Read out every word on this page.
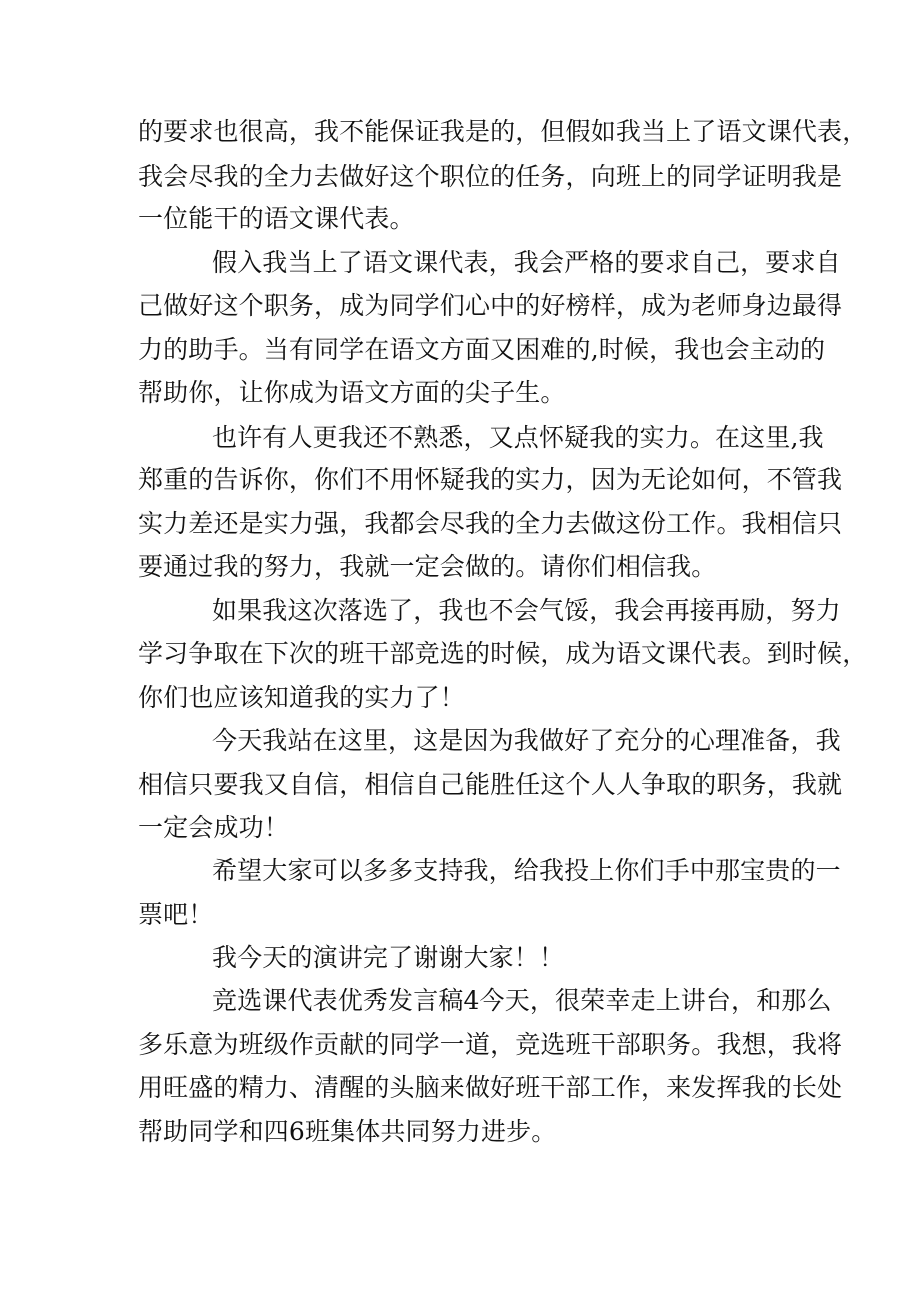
的要求也很高，我不能保证我是的，但假如我当上了语文课代表，
我会尽我的全力去做好这个职位的任务，向班上的同学证明我是
一位能干的语文课代表。
假入我当上了语文课代表，我会严格的要求自己，要求自
己做好这个职务，成为同学们心中的好榜样，成为老师身边最得
力的助手。当有同学在语文方面又困难的,时候，我也会主动的
帮助你，让你成为语文方面的尖子生。
也许有人更我还不熟悉，又点怀疑我的实力。在这里,我
郑重的告诉你，你们不用怀疑我的实力，因为无论如何，不管我
实力差还是实力强，我都会尽我的全力去做这份工作。我相信只
要通过我的努力，我就一定会做的。请你们相信我。
如果我这次落选了，我也不会气馁，我会再接再励，努力
学习争取在下次的班干部竞选的时候，成为语文课代表。到时候，
你们也应该知道我的实力了！
今天我站在这里，这是因为我做好了充分的心理准备，我
相信只要我又自信，相信自己能胜任这个人人争取的职务，我就
一定会成功！
希望大家可以多多支持我，给我投上你们手中那宝贵的一
票吧！
我今天的演讲完了谢谢大家！！
竞选课代表优秀发言稿4今天，很荣幸走上讲台，和那么
多乐意为班级作贡献的同学一道，竞选班干部职务。我想，我将
用旺盛的精力、清醒的头脑来做好班干部工作，来发挥我的长处
帮助同学和四6班集体共同努力进步。
